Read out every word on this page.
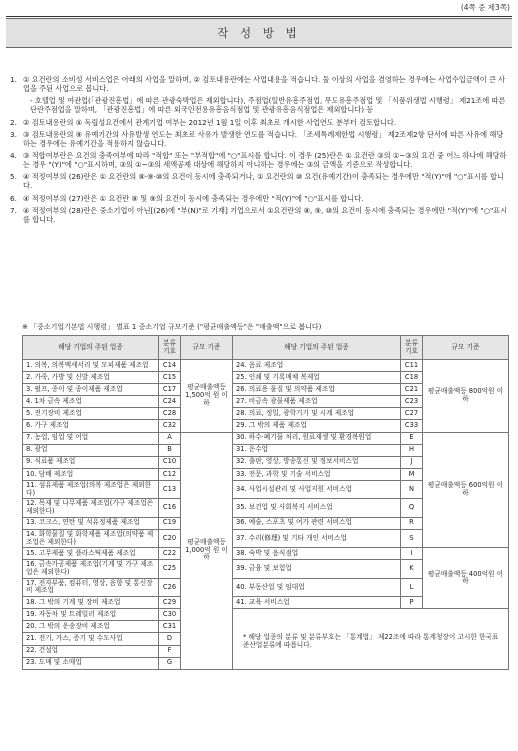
(4쪽 중 제3쪽)
작 성 방 법
1. ① 요건란의 소비성 서비스업은 아래의 사업을 말하며, ② 검토내용란에는 사업내용을 적습니다. 둘 이상의 사업을 겸영하는 경우에는 사업수입금액이 큰 사업을 주된 사업으로 봅니다.
- 호텔업 및 여관업(「관광진흥법」에 따른 관광숙박업은 제외합니다), 주점업(일반유흥주점업, 무도유흥주점업 및 「식품위생법 시행령」 제21조에 따른 단란주점업을 말하며, 「관광진흥법」에 따른 외국인전용유흥음식점업 및 관광유흥음식점업은 제외합니다) 등
2. ② 검토내용란의 ⑤ 독립성요건에서 관계기업 여부는 2012년 1월 1일 이후 최초로 개시한 사업연도 분부터 검토합니다.
3. ③ 검토내용란의 ⑨ 유예기간의 사유발생 연도는 최초로 사유가 발생한 연도를 적습니다. 「조세특례제한법 시행령」 제2조제2항 단서에 따른 사유에 해당하는 경우에는 유예기간을 적용하지 않습니다.
4. ③ 적합여부란은 요건의 충족여부에 따라 "적합" 또는 "부적합"에 "○"표시를 합니다. 이 경우 (25)란은 ① 요건란 ③의 ①~③의 요건 중 어느 하나에 해당하는 경우 "(Y)"에 "○"표시하며, ③의 ①~③의 세액공제 대상에 해당하지 아니하는 경우에는 ③의 금액을 기준으로 작성합니다.
5. ④ 적정여부의 (26)란은 ① 요건란의 ⑧·⑨·⑩의 요건이 동시에 충족되거나, ① 요건란의 ⑩ 요건(유예기간)이 충족되는 경우에만 "적(Y)"에 "○"표시를 합니다.
6. ④ 적정여부의 (27)란은 ① 요건란 ⑧ 및 ⑨의 요건이 동시에 충족되는 경우에만 "적(Y)"에 "○"표시를 합니다.
7. ④ 적정여부의 (28)란은 중소기업이 아닌[(26)에 "부(N)"로 기재] 기업으로서 ①요건란의 ⑧, ⑨, ⑩의 요건이 동시에 충족되는 경우에만 "적(Y)"에 "○"표시를 합니다.
※ 「중소기업기본법 시행령」 별표 1 중소기업 규모기준 ("평균매출액등"은 "매출액"으로 봅니다)
해당 기업의 주된 업종	분류 기호	규모 기준	해당 기업의 주된 업종	분류 기호	규모 기준
1. 의복, 의복액세서리 및 모피제품 제조업	C14	평균매출액등 1,500억 원 이하	24. 음료 제조업	C11	평균매출액등 800억원 이하
2. 가죽, 가방 및 신발 제조업	C15		25. 인쇄 및 기록매체 복제업	C18	
3. 펄프, 종이 및 종이제품 제조업	C17		26. 의료용 물질 및 의약품 제조업	C21	
4. 1차 금속 제조업	C24		27. 비금속 광물제품 제조업	C23	
5. 전기장비 제조업	C28		28. 의료, 정밀, 광학기기 및 시계 제조업	C27	
6. 가구 제조업	C32		29. 그 밖의 제품 제조업	C33	
7. 농업, 임업 및 어업	A	평균매출액등 1,000억 원 이하	30. 하수·폐기물 처리, 원료재생 및 환경복원업	E	평균매출액등 600억원 이하
8. 광업	B		31. 운수업	H	
9. 식료품 제조업	C10		32. 출판, 영상, 방송통신 및 정보서비스업	J	
10. 담배 제조업	C12		33. 전문, 과학 및 기술 서비스업	M	
11. 섬유제품 제조업(의복 제조업은 제외한다)	C13		34. 사업시설관리 및 사업지원 서비스업	N	
12. 목재 및 나무제품 제조업(가구 제조업은 제외한다)	C16		35. 보건업 및 사회복지 서비스업	Q	
13. 코크스, 연탄 및 석유정제품 제조업	C19		36. 예술, 스포츠 및 여가 관련 서비스업	R	
14. 화학물질 및 화학제품 제조업(의약품 제조업은 제외한다)	C20		37. 수리(修理) 및 기타 개인 서비스업	S	
15. 고무제품 및 플라스틱제품 제조업	C22		38. 숙박 및 음식점업	I	평균매출액등 400억원 이하
16. 금속가공제품 제조업(기계 및 가구 제조업은 제외한다)	C25		39. 금융 및 보험업	K	
17. 전자부품, 컴퓨터, 영상, 음향 및 통신장비 제조업	C26		40. 부동산업 및 임대업	L	
18. 그 밖의 기계 및 장비 제조업	C29		41. 교육 서비스업	P	
19. 자동차 및 트레일러 제조업	C30		* 해당 업종의 분류 및 분류부호는 「통계법」 제22조에 따라 통계청장이 고시한 한국표준산업분류에 따릅니다.		
20. 그 밖의 운송장비 제조업	C31				
21. 전기, 가스, 증기 및 수도사업	D				
22. 건설업	F				
23. 도매 및 소매업	G				
